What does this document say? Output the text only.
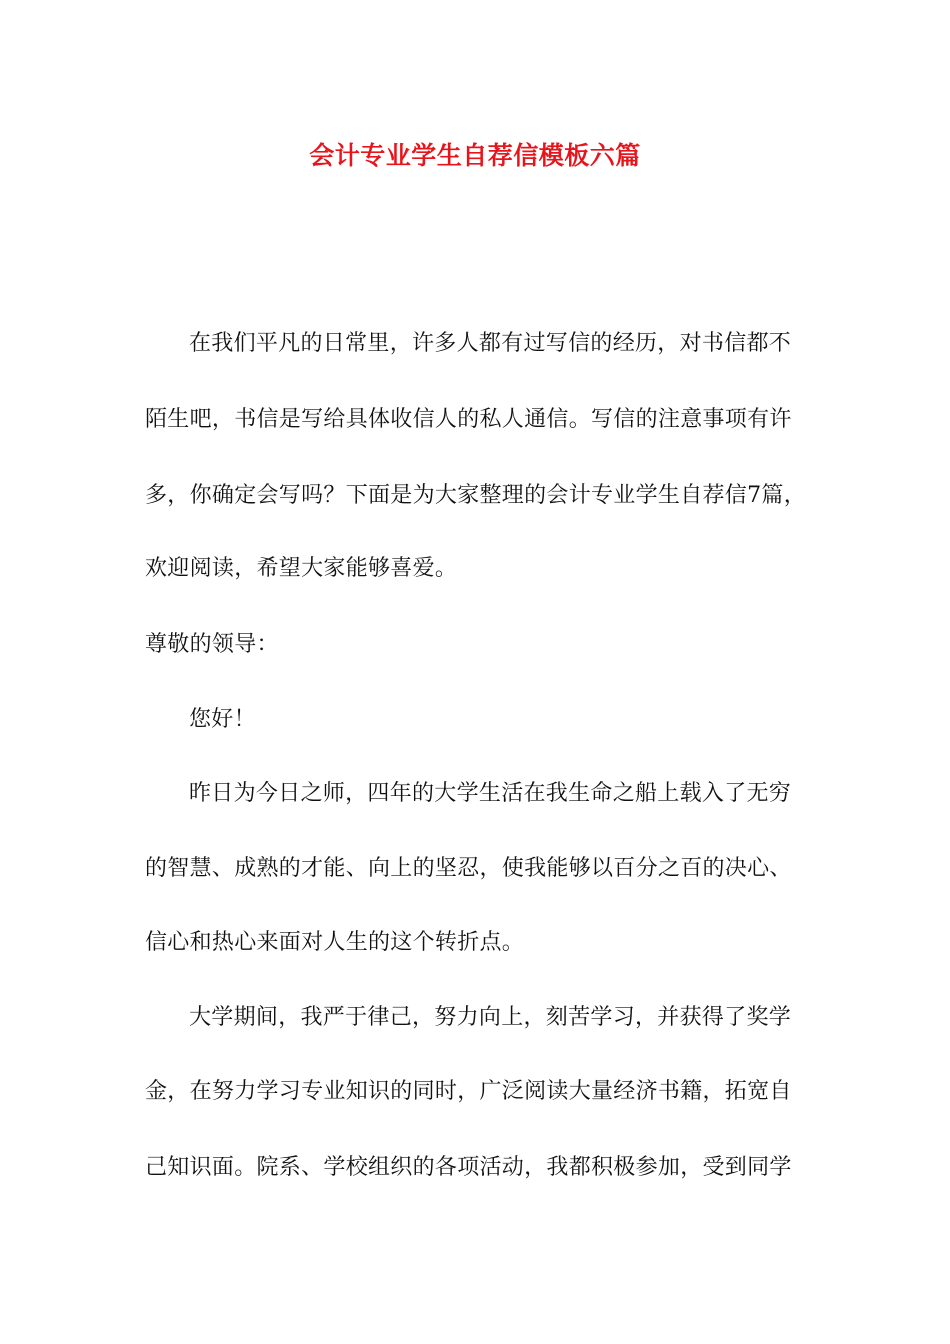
会计专业学生自荐信模板六篇
在我们平凡的日常里，许多人都有过写信的经历，对书信都不
陌生吧，书信是写给具体收信人的私人通信。写信的注意事项有许
多，你确定会写吗？下面是为大家整理的会计专业学生自荐信7篇，
欢迎阅读，希望大家能够喜爱。
尊敬的领导：
您好！
昨日为今日之师，四年的大学生活在我生命之船上载入了无穷
的智慧、成熟的才能、向上的坚忍，使我能够以百分之百的决心、
信心和热心来面对人生的这个转折点。
大学期间，我严于律己，努力向上，刻苦学习，并获得了奖学
金，在努力学习专业知识的同时，广泛阅读大量经济书籍，拓宽自
己知识面。院系、学校组织的各项活动，我都积极参加，受到同学
